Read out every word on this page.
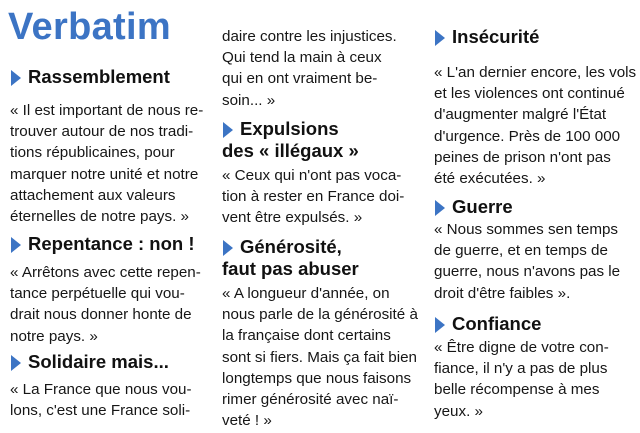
Verbatim
Rassemblement
« Il est important de nous re-
trouver autour de nos tradi-
tions républicaines, pour
marquer notre unité et notre
attachement aux valeurs
éternelles de notre pays. »
Repentance : non !
« Arrêtons avec cette repen-
tance perpétuelle qui vou-
drait nous donner honte de
notre pays. »
Solidaire mais...
« La France que nous vou-
lons, c'est une France soli-
daire contre les injustices.
Qui tend la main à ceux
qui en ont vraiment be-
soin... »
Expulsions
des « illégaux »
« Ceux qui n'ont pas voca-
tion à rester en France doi-
vent être expulsés. »
Générosité,
faut pas abuser
« A longueur d'année, on
nous parle de la générosité à
la française dont certains
sont si fiers. Mais ça fait bien
longtemps que nous faisons
rimer générosité avec naï-
veté ! »
Insécurité
« L'an dernier encore, les vols
et les violences ont continué
d'augmenter malgré l'État
d'urgence. Près de 100 000
peines de prison n'ont pas
été exécutées. »
Guerre
« Nous sommes sen temps
de guerre, et en temps de
guerre, nous n'avons pas le
droit d'être faibles ».
Confiance
« Être digne de votre con-
fiance, il n'y a pas de plus
belle récompense à mes
yeux. »
